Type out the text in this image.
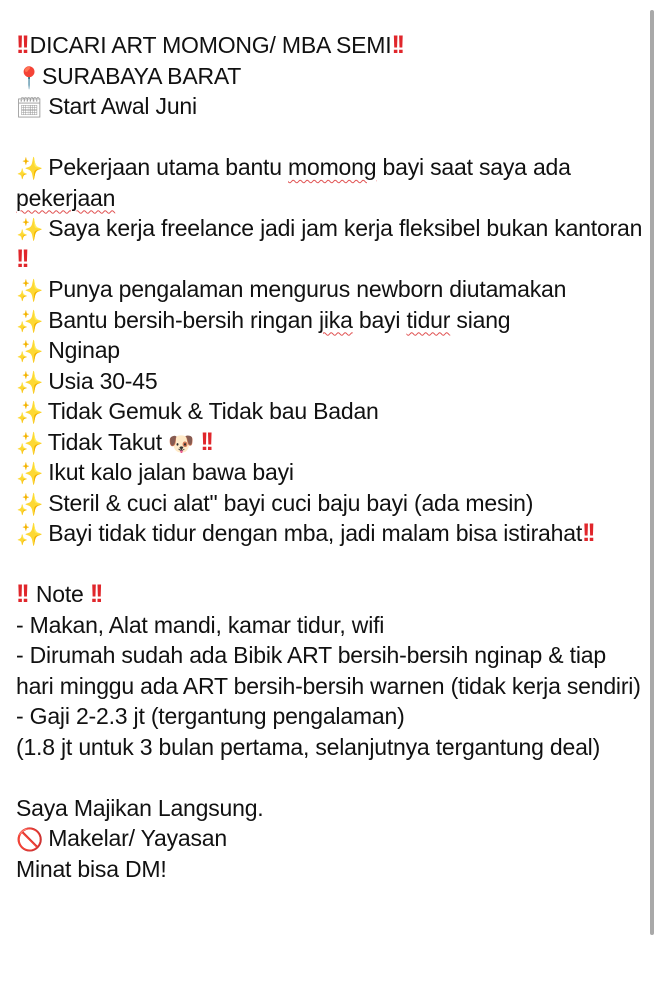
!! DICARI ART MOMONG/ MBA SEMI!!
📍SURABAYA BARAT
🗓 Start Awal Juni
✨ Pekerjaan utama bantu momong bayi saat saya ada pekerjaan
✨ Saya kerja freelance jadi jam kerja fleksibel bukan kantoran!!
✨ Punya pengalaman mengurus newborn diutamakan
✨ Bantu bersih-bersih ringan jika bayi tidur siang
✨ Nginap
✨ Usia 30-45
✨ Tidak Gemuk & Tidak bau Badan
✨ Tidak Takut 🐶 !!
✨ Ikut kalo jalan bawa bayi
✨ Steril & cuci alat" bayi cuci baju bayi (ada mesin)
✨ Bayi tidak tidur dengan mba, jadi malam bisa istirahat!!
!! Note !!
- Makan, Alat mandi, kamar tidur, wifi
- Dirumah sudah ada Bibik ART bersih-bersih nginap & tiap hari minggu ada ART bersih-bersih warnen (tidak kerja sendiri)
- Gaji 2-2.3 jt (tergantung pengalaman)
(1.8 jt untuk 3 bulan pertama, selanjutnya tergantung deal)
Saya Majikan Langsung.
🚫 Makelar/ Yayasan
Minat bisa DM!
